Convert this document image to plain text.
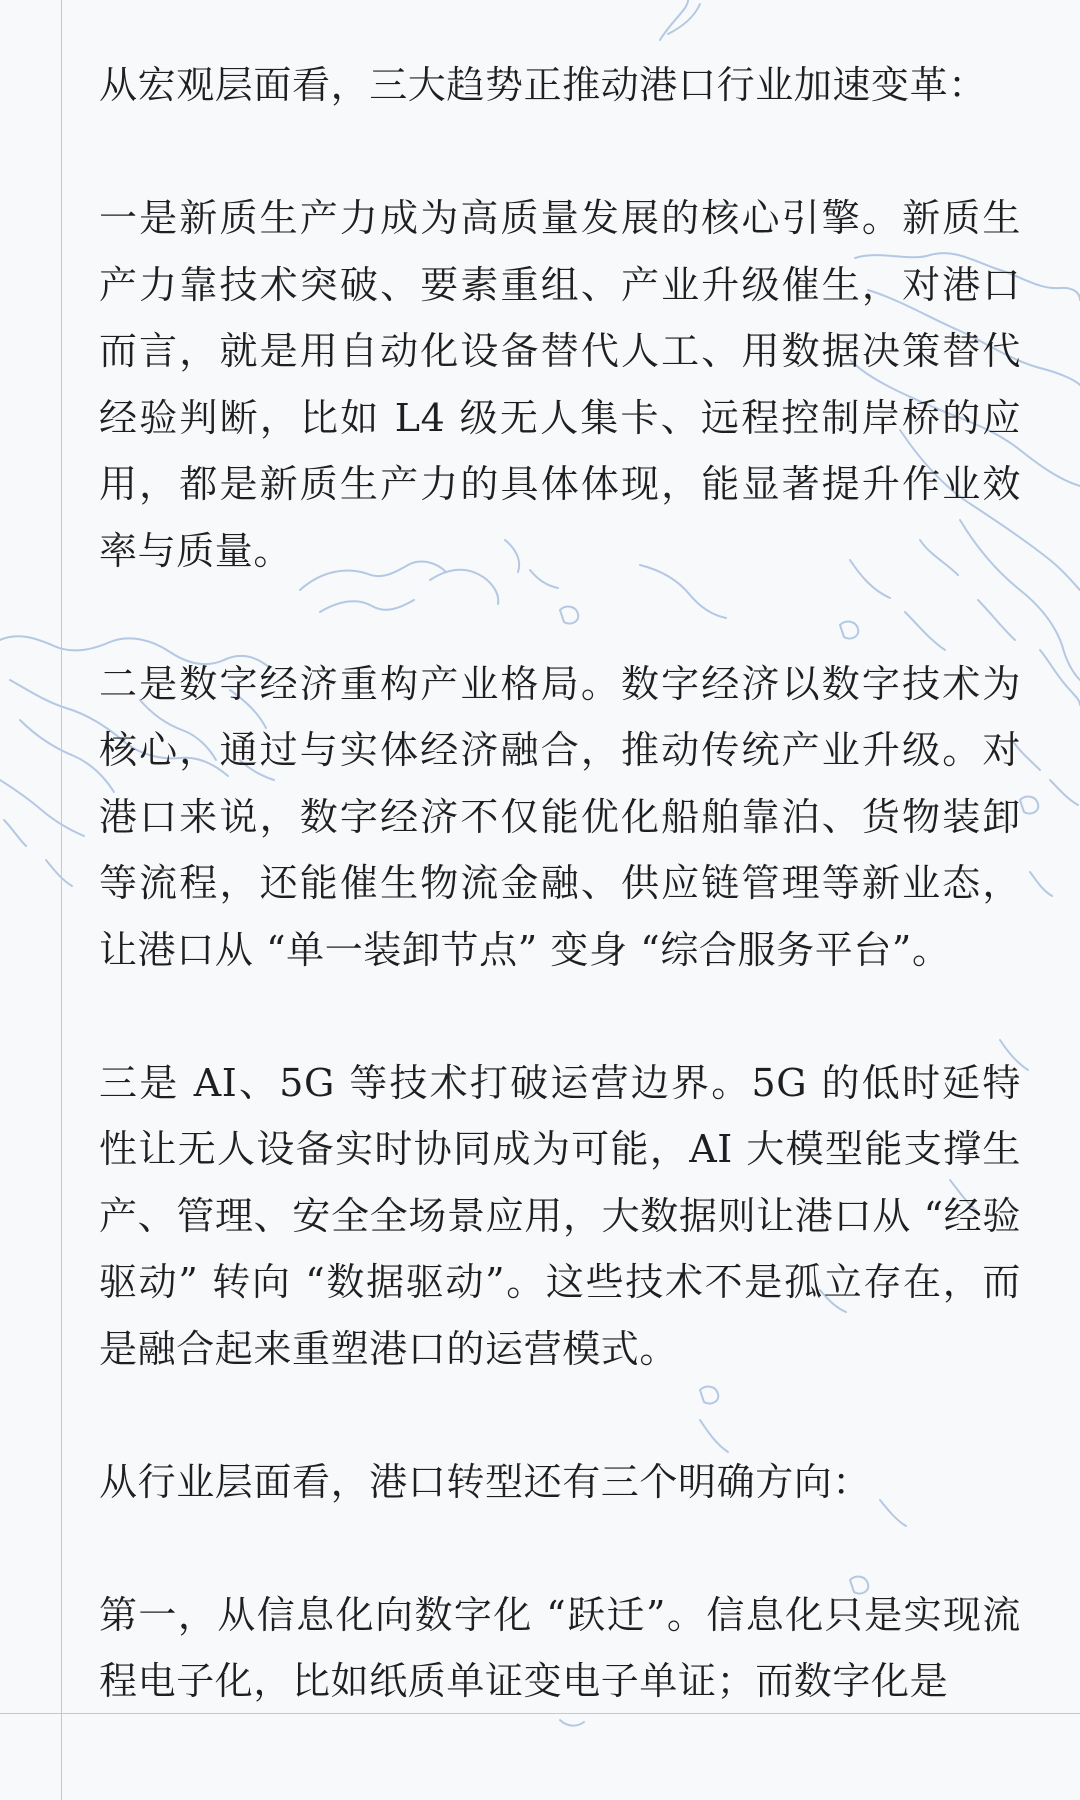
从宏观层面看，三大趋势正推动港口行业加速变革：

一是新质生产力成为高质量发展的核心引擎。新质生产力靠技术突破、要素重组、产业升级催生，对港口而言，就是用自动化设备替代人工、用数据决策替代经验判断，比如 L4 级无人集卡、远程控制岸桥的应用，都是新质生产力的具体体现，能显著提升作业效率与质量。

二是数字经济重构产业格局。数字经济以数字技术为核心，通过与实体经济融合，推动传统产业升级。对港口来说，数字经济不仅能优化船舶靠泊、货物装卸等流程，还能催生物流金融、供应链管理等新业态，让港口从 “单一装卸节点” 变身 “综合服务平台”。

三是 AI、5G 等技术打破运营边界。5G 的低时延特性让无人设备实时协同成为可能，AI 大模型能支撑生产、管理、安全全场景应用，大数据则让港口从 “经验驱动” 转向 “数据驱动”。这些技术不是孤立存在，而是融合起来重塑港口的运营模式。

从行业层面看，港口转型还有三个明确方向：

第一，从信息化向数字化 “跃迁”。信息化只是实现流程电子化，比如纸质单证变电子单证；而数字化是
